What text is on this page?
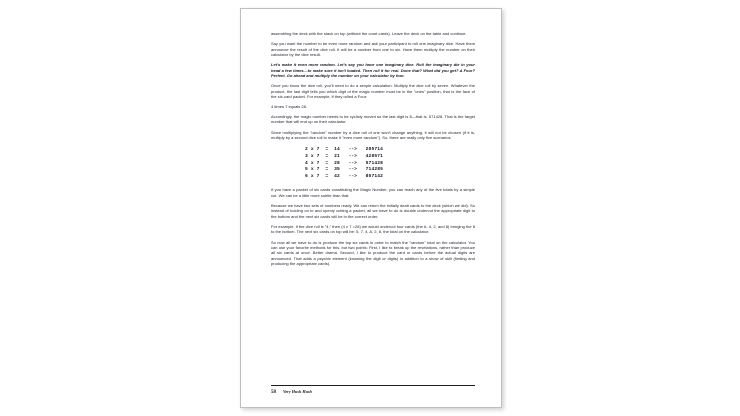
assembling the deck with the stack on top (without the court cards). Leave the deck on the table and continue.

Say you want the number to be even more random and ask your participant to roll one imaginary dice. Have them announce the result of the dice roll. It will be a number from one to six. Have them multiply the number on their calculator by the dice result.

Let's make it even more random. Let's say you have one imaginary dice. Roll the imaginary die in your head a few times—to make sure it isn't loaded. Then roll it for real. Done that? What did you get? A Four? Perfect. Go ahead and multiply the number on your calculator by four.

Once you know the dice roll, you'll need to do a simple calculation. Multiply the dice roll by seven. Whatever the product, the last digit tells you which digit of the magic number must be in the "ones" position, that is the face of the six-card packet. For example, if they rolled a Four:

4 times 7 equals 28.

Accordingly, the magic number needs to be cyclicly moved so the last digit is 8—that is, 571428. That is the target number that will end up on their calculator.

Since multiplying the "random" number by a dice roll of one won't change anything, it will not be chosen (if it is, multiply by a second dice roll to make it "even more random"). So, there are really only five scenarios.

2 x 7  =  14 --> 285714
3 x 7  =  21 --> 428571
4 x 7  =  28 --> 571428
5 x 7  =  35 --> 714285
6 x 7  =  42 --> 857142

If you have a packet of six cards constituting the Magic Number, you can reach any of the five totals by a simple cut. We can be a little more subtle than that.

Because we have two sets of numbers ready. We can return the initially dealt cards to the deck (which we did). So instead of holding on to and openly cutting a packet, all we have to do is double undercut the appropriate digit to the bottom and the next six cards will be in the correct order.

For example, if the dice roll is "4," then (4 x 7 =28) we would undercut four cards (the A, 4, 2, and 8) bringing the 8 to the bottom. The next six cards on top will be: 5, 7, 4, A, 2, 8, the total on the calculator.

So now all we have to do is produce the top six cards in order to match the "random" total on the calculator. You can use your favorite methods for this, but two points: First, I like to break up the revelations, rather than produce all six cards at once. Better drama. Second, I like to produce the card or cards before the actual digits are announced. That adds a psychic element (knowing the digit or digits) in addition to a show of skill (finding and producing the appropriate cards).

58 Very Hush Hush
